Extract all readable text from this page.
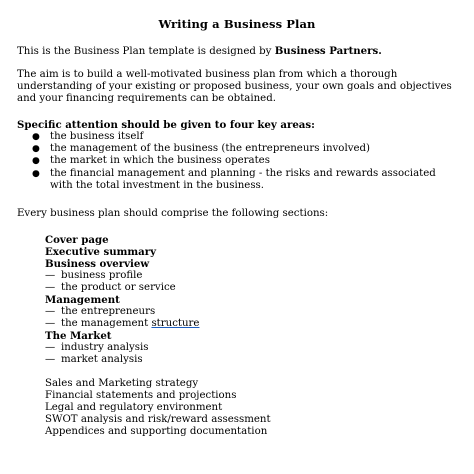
Writing a Business Plan
This is the Business Plan template is designed by Business Partners.
The aim is to build a well-motivated business plan from which a thorough understanding of your existing or proposed business, your own goals and objectives and your financing requirements can be obtained.
Specific attention should be given to four key areas:
● the business itself
● the management of the business (the entrepreneurs involved)
● the market in which the business operates
● the financial management and planning - the risks and rewards associated with the total investment in the business.
Every business plan should comprise the following sections:
Cover page
Executive summary
Business overview
— business profile
— the product or service
Management
— the entrepreneurs
— the management structure
The Market
— industry analysis
— market analysis
Sales and Marketing strategy
Financial statements and projections
Legal and regulatory environment
SWOT analysis and risk/reward assessment
Appendices and supporting documentation
